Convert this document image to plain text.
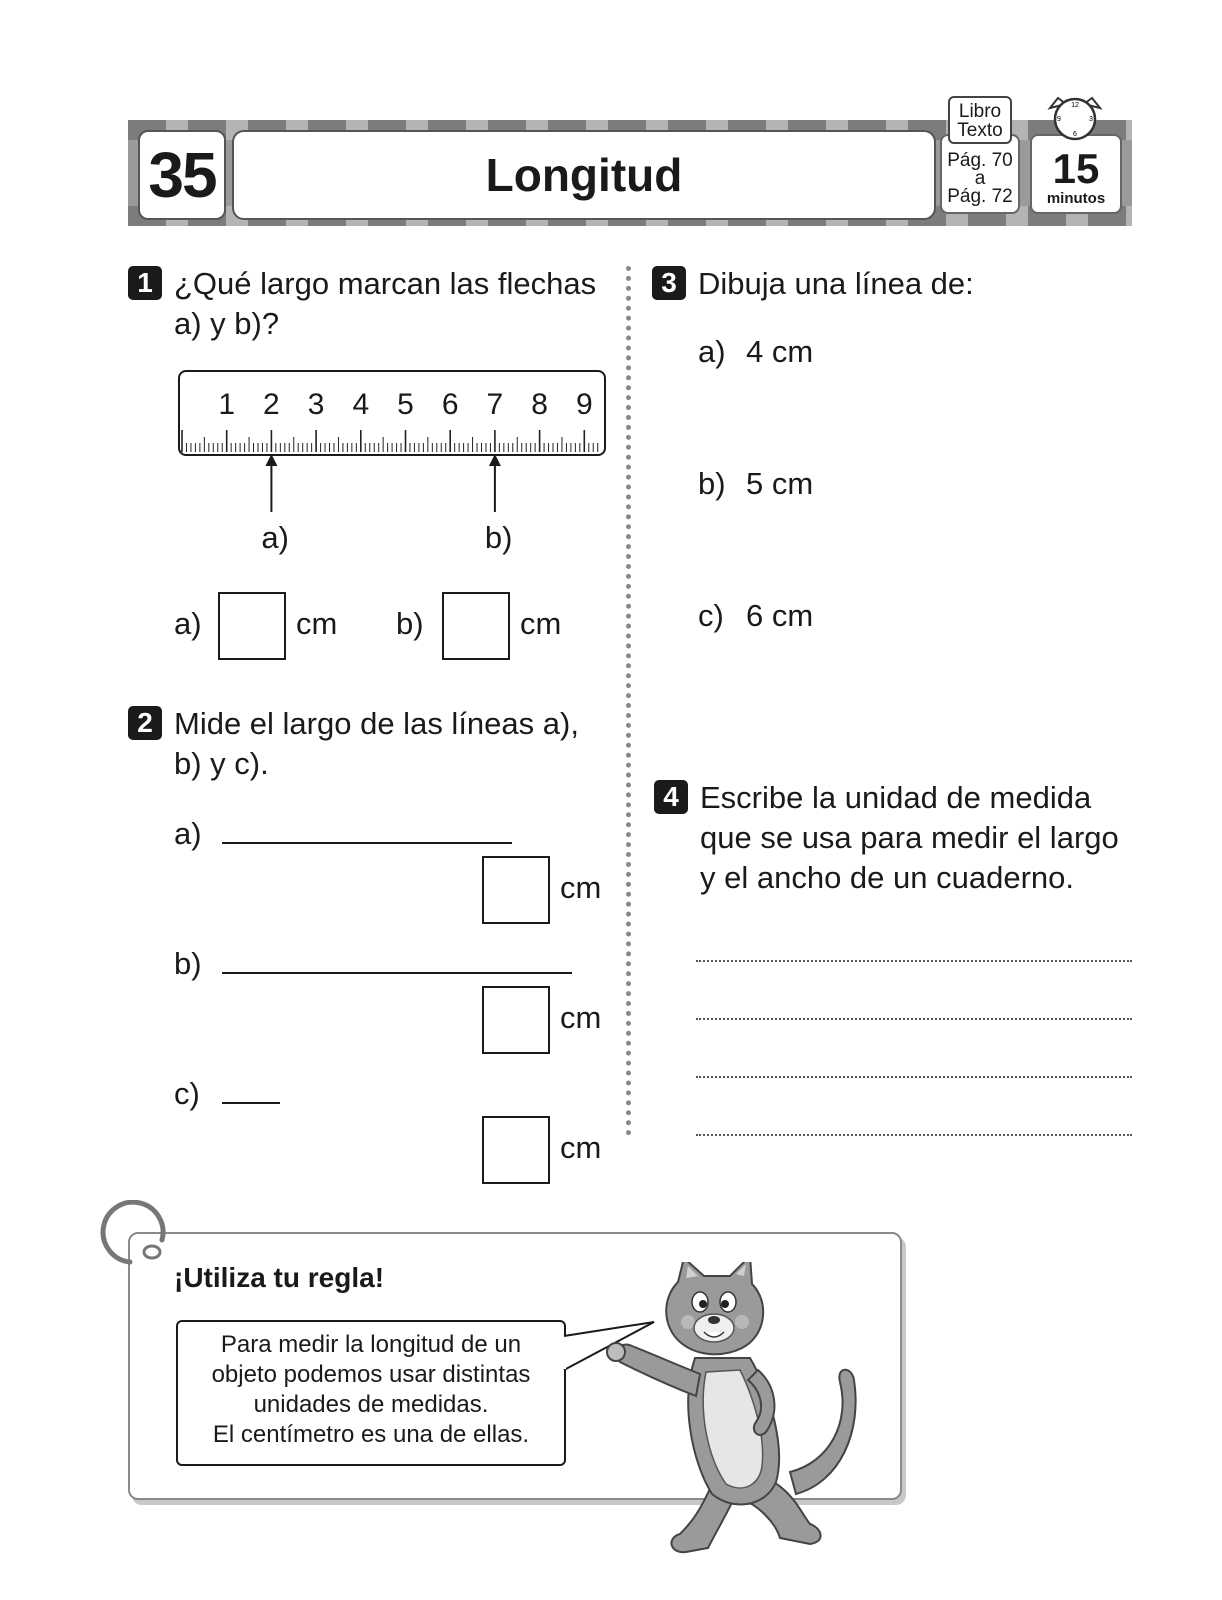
35	Longitud	Pág. 70
a
Pág. 72
Libro
Texto
15
minutos
12
3
6
9
1 ¿Qué largo marcan las flechas
a) y b)?
1 2 3 4 5 6 7 8 9
a)	b)
a)	cm b)	cm
2 Mide el largo de las líneas a),
b) y c).
a)
cm
b)
cm
c)
cm
3 Dibuja una línea de:
a) 4 cm
b) 5 cm
c) 6 cm
4 Escribe la unidad de medida
que se usa para medir el largo
y el ancho de un cuaderno.
¡Utiliza tu regla!
Para medir la longitud de un
objeto podemos usar distintas
unidades de medidas.
El centímetro es una de ellas.
